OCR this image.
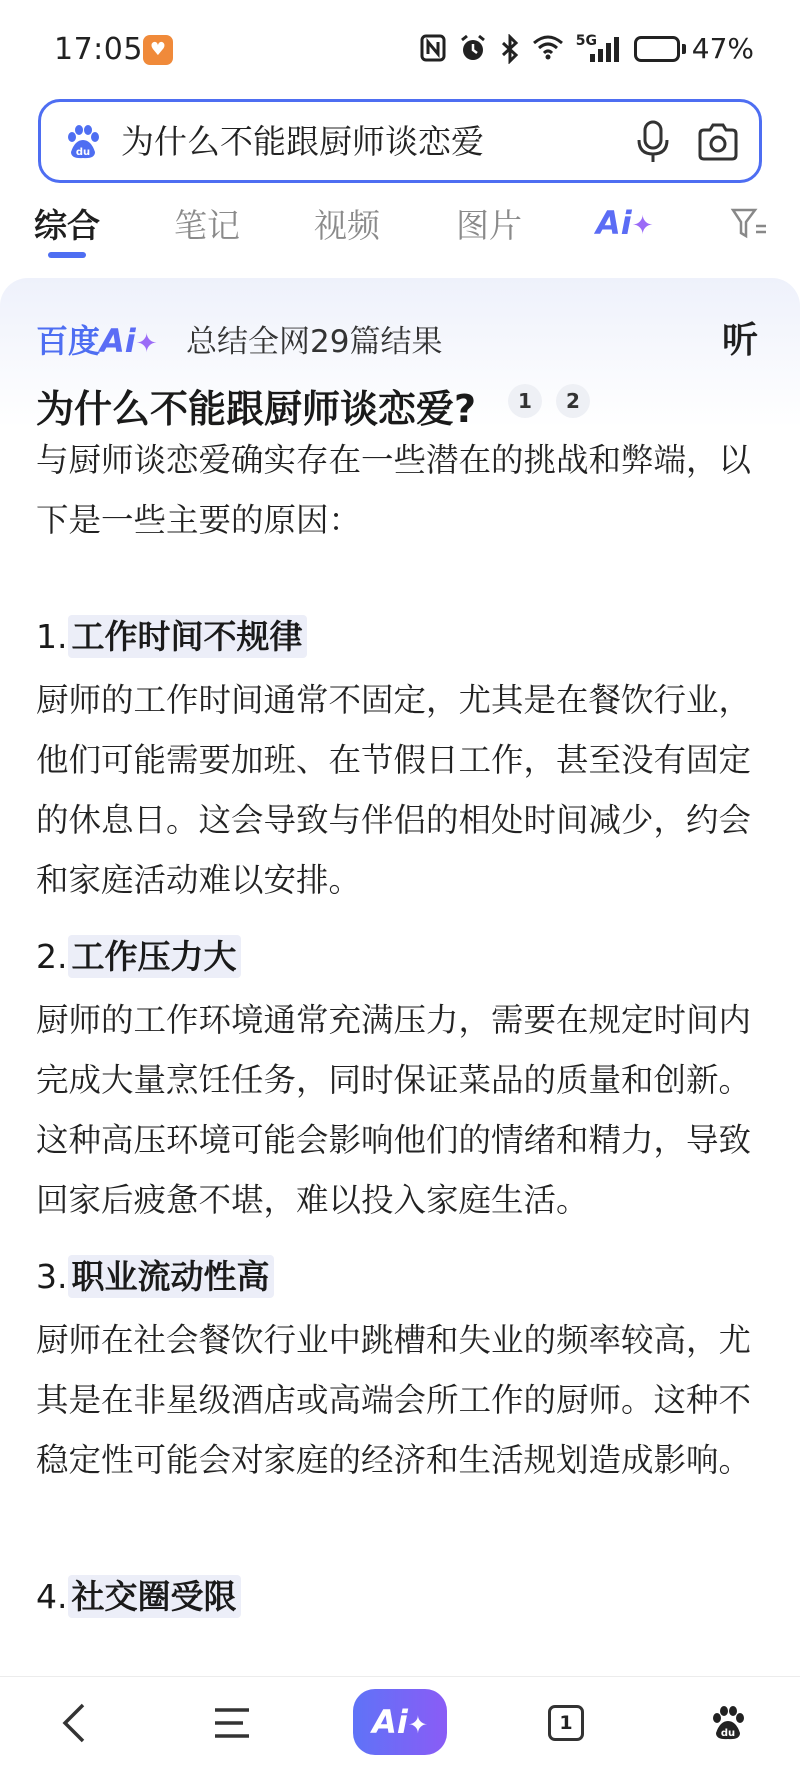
17:05 ♥	5G	47%
du 为什么不能跟厨师谈恋爱
综合 笔记 视频 图片 Ai✦
百度Ai✦ 总结全网29篇结果	听
为什么不能跟厨师谈恋爱?	1	2
与厨师谈恋爱确实存在一些潜在的挑战和弊端，以下是一些主要的原因：
1. 工作时间不规律
厨师的工作时间通常不固定，尤其是在餐饮行业，他们可能需要加班、在节假日工作，甚至没有固定的休息日。这会导致与伴侣的相处时间减少，约会和家庭活动难以安排。
2. 工作压力大
厨师的工作环境通常充满压力，需要在规定时间内完成大量烹饪任务，同时保证菜品的质量和创新。这种高压环境可能会影响他们的情绪和精力，导致回家后疲惫不堪，难以投入家庭生活。
3. 职业流动性高
厨师在社会餐饮行业中跳槽和失业的频率较高，尤其是在非星级酒店或高端会所工作的厨师。这种不稳定性可能会对家庭的经济和生活规划造成影响。
4. 社交圈受限
Ai✦	1	du
